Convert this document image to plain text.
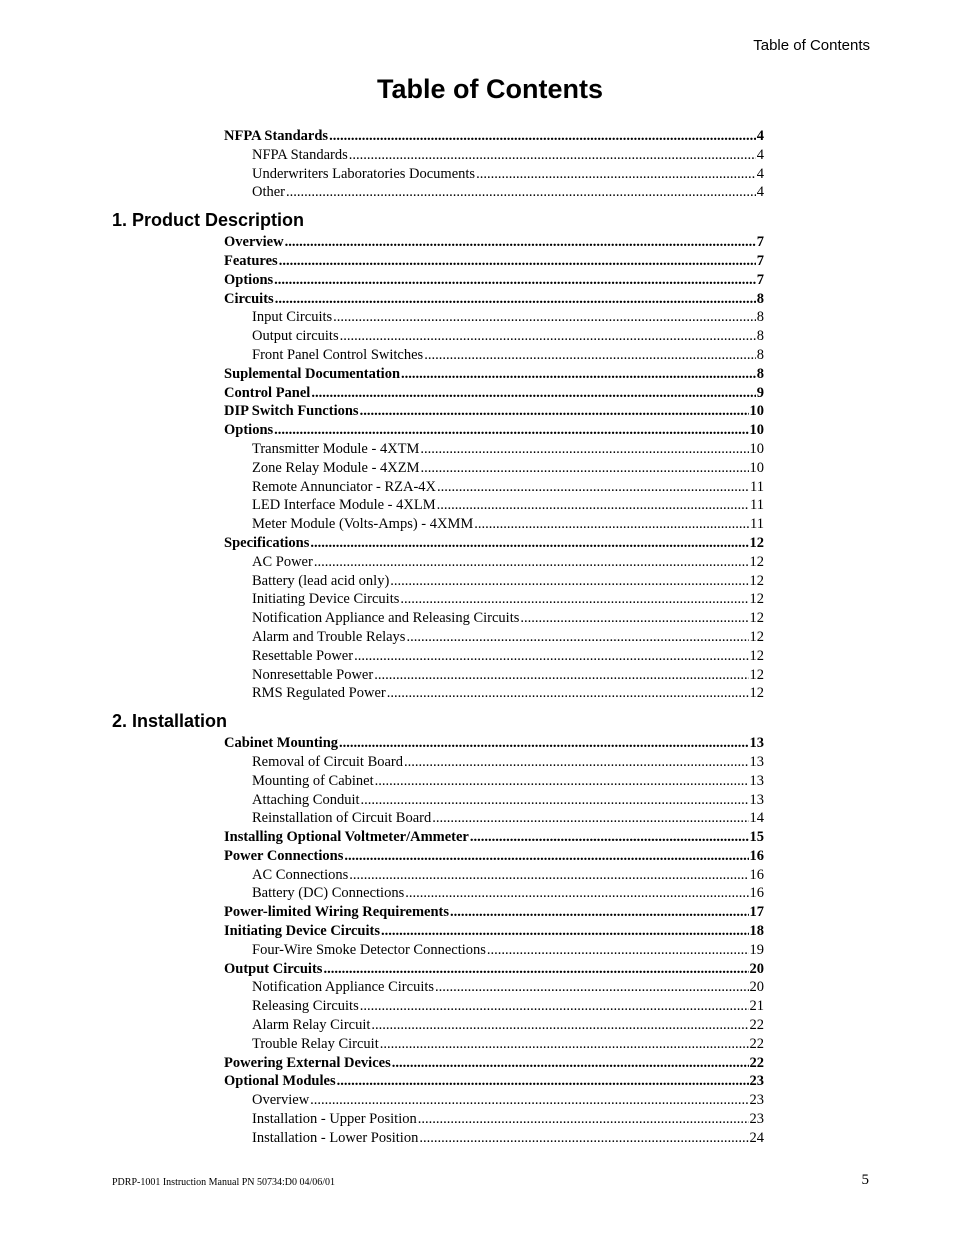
Table of Contents
Table of Contents
NFPA Standards .....	4
NFPA Standards .....	4
Underwriters Laboratories Documents .....	4
Other .....	4
1. Product Description
Overview .....	7
Features .....	7
Options .....	7
Circuits .....	8
Input Circuits .....	8
Output circuits .....	8
Front Panel Control Switches .....	8
Suplemental Documentation .....	8
Control Panel .....	9
DIP Switch Functions .....	10
Options .....	10
Transmitter Module - 4XTM .....	10
Zone Relay Module - 4XZM .....	10
Remote Annunciator - RZA-4X .....	11
LED Interface Module - 4XLM .....	11
Meter Module (Volts-Amps) - 4XMM .....	11
Specifications .....	12
AC Power .....	12
Battery (lead acid only) .....	12
Initiating Device Circuits .....	12
Notification Appliance and Releasing Circuits .....	12
Alarm and Trouble Relays .....	12
Resettable Power .....	12
Nonresettable Power .....	12
RMS Regulated Power .....	12
2. Installation
Cabinet Mounting .....	13
Removal of Circuit Board .....	13
Mounting of Cabinet .....	13
Attaching Conduit .....	13
Reinstallation of Circuit Board .....	14
Installing Optional Voltmeter/Ammeter .....	15
Power Connections .....	16
AC Connections .....	16
Battery (DC) Connections .....	16
Power-limited Wiring Requirements .....	17
Initiating Device Circuits .....	18
Four-Wire Smoke Detector Connections .....	19
Output Circuits .....	20
Notification Appliance Circuits .....	20
Releasing Circuits .....	21
Alarm Relay Circuit .....	22
Trouble Relay Circuit .....	22
Powering External Devices .....	22
Optional Modules .....	23
Overview .....	23
Installation - Upper Position .....	23
Installation - Lower Position .....	24
PDRP-1001 Instruction Manual PN 50734:D0 04/06/01	5
